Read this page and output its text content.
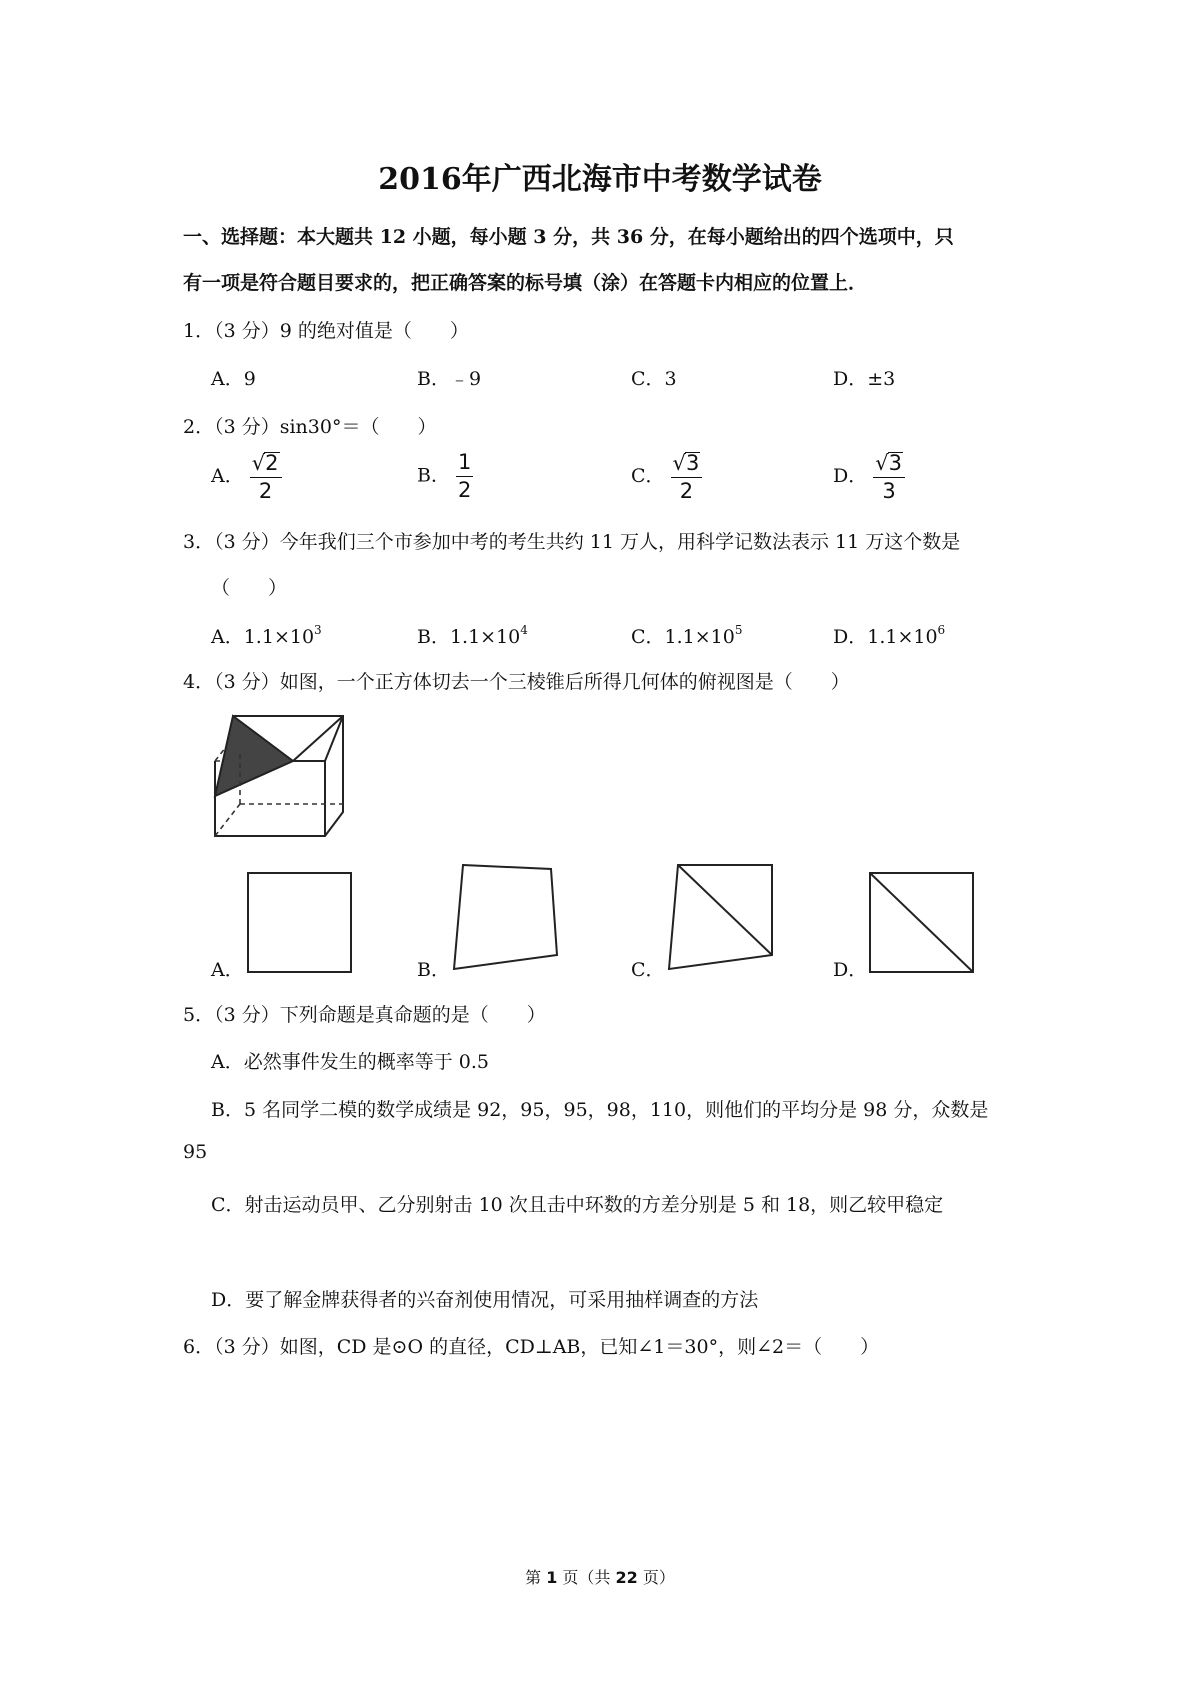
2016年广西北海市中考数学试卷
一、选择题：本大题共 12 小题，每小题 3 分，共 36 分，在每小题给出的四个选项中，只
有一项是符合题目要求的，把正确答案的标号填（涂）在答题卡内相应的位置上．
1．（3 分）9 的绝对值是（　　）
A．9	B．﹣9	C．3	D．±3
2．（3 分）sin30°＝（　　）
A． $\frac{√2}{2}$	B． $\frac{1}{2}$	C． $\frac{√3}{2}$	D． $\frac{√3}{3}$
3．（3 分）今年我们三个市参加中考的考生共约 11 万人，用科学记数法表示 11 万这个数是
（　　）
A．$1.1\times 10^3$	B．$1.1\times 10^4$	C．$1.1\times 10^5$	D．$1.1\times 10^6$
4．（3 分）如图，一个正方体切去一个三棱锥后所得几何体的俯视图是（　　）
A．	B．	C．	D．
5．（3 分）下列命题是真命题的是（　　）
A．必然事件发生的概率等于 0.5
B．5 名同学二模的数学成绩是 92，95，95，98，110，则他们的平均分是 98 分，众数是
95
C．射击运动员甲、乙分别射击 10 次且击中环数的方差分别是 5 和 18，则乙较甲稳定
D．要了解金牌获得者的兴奋剂使用情况，可采用抽样调查的方法
6．（3 分）如图，CD 是⊙O 的直径，CD⊥AB，已知∠1＝30°，则∠2＝（　　）
第 1 页（共 22 页）
